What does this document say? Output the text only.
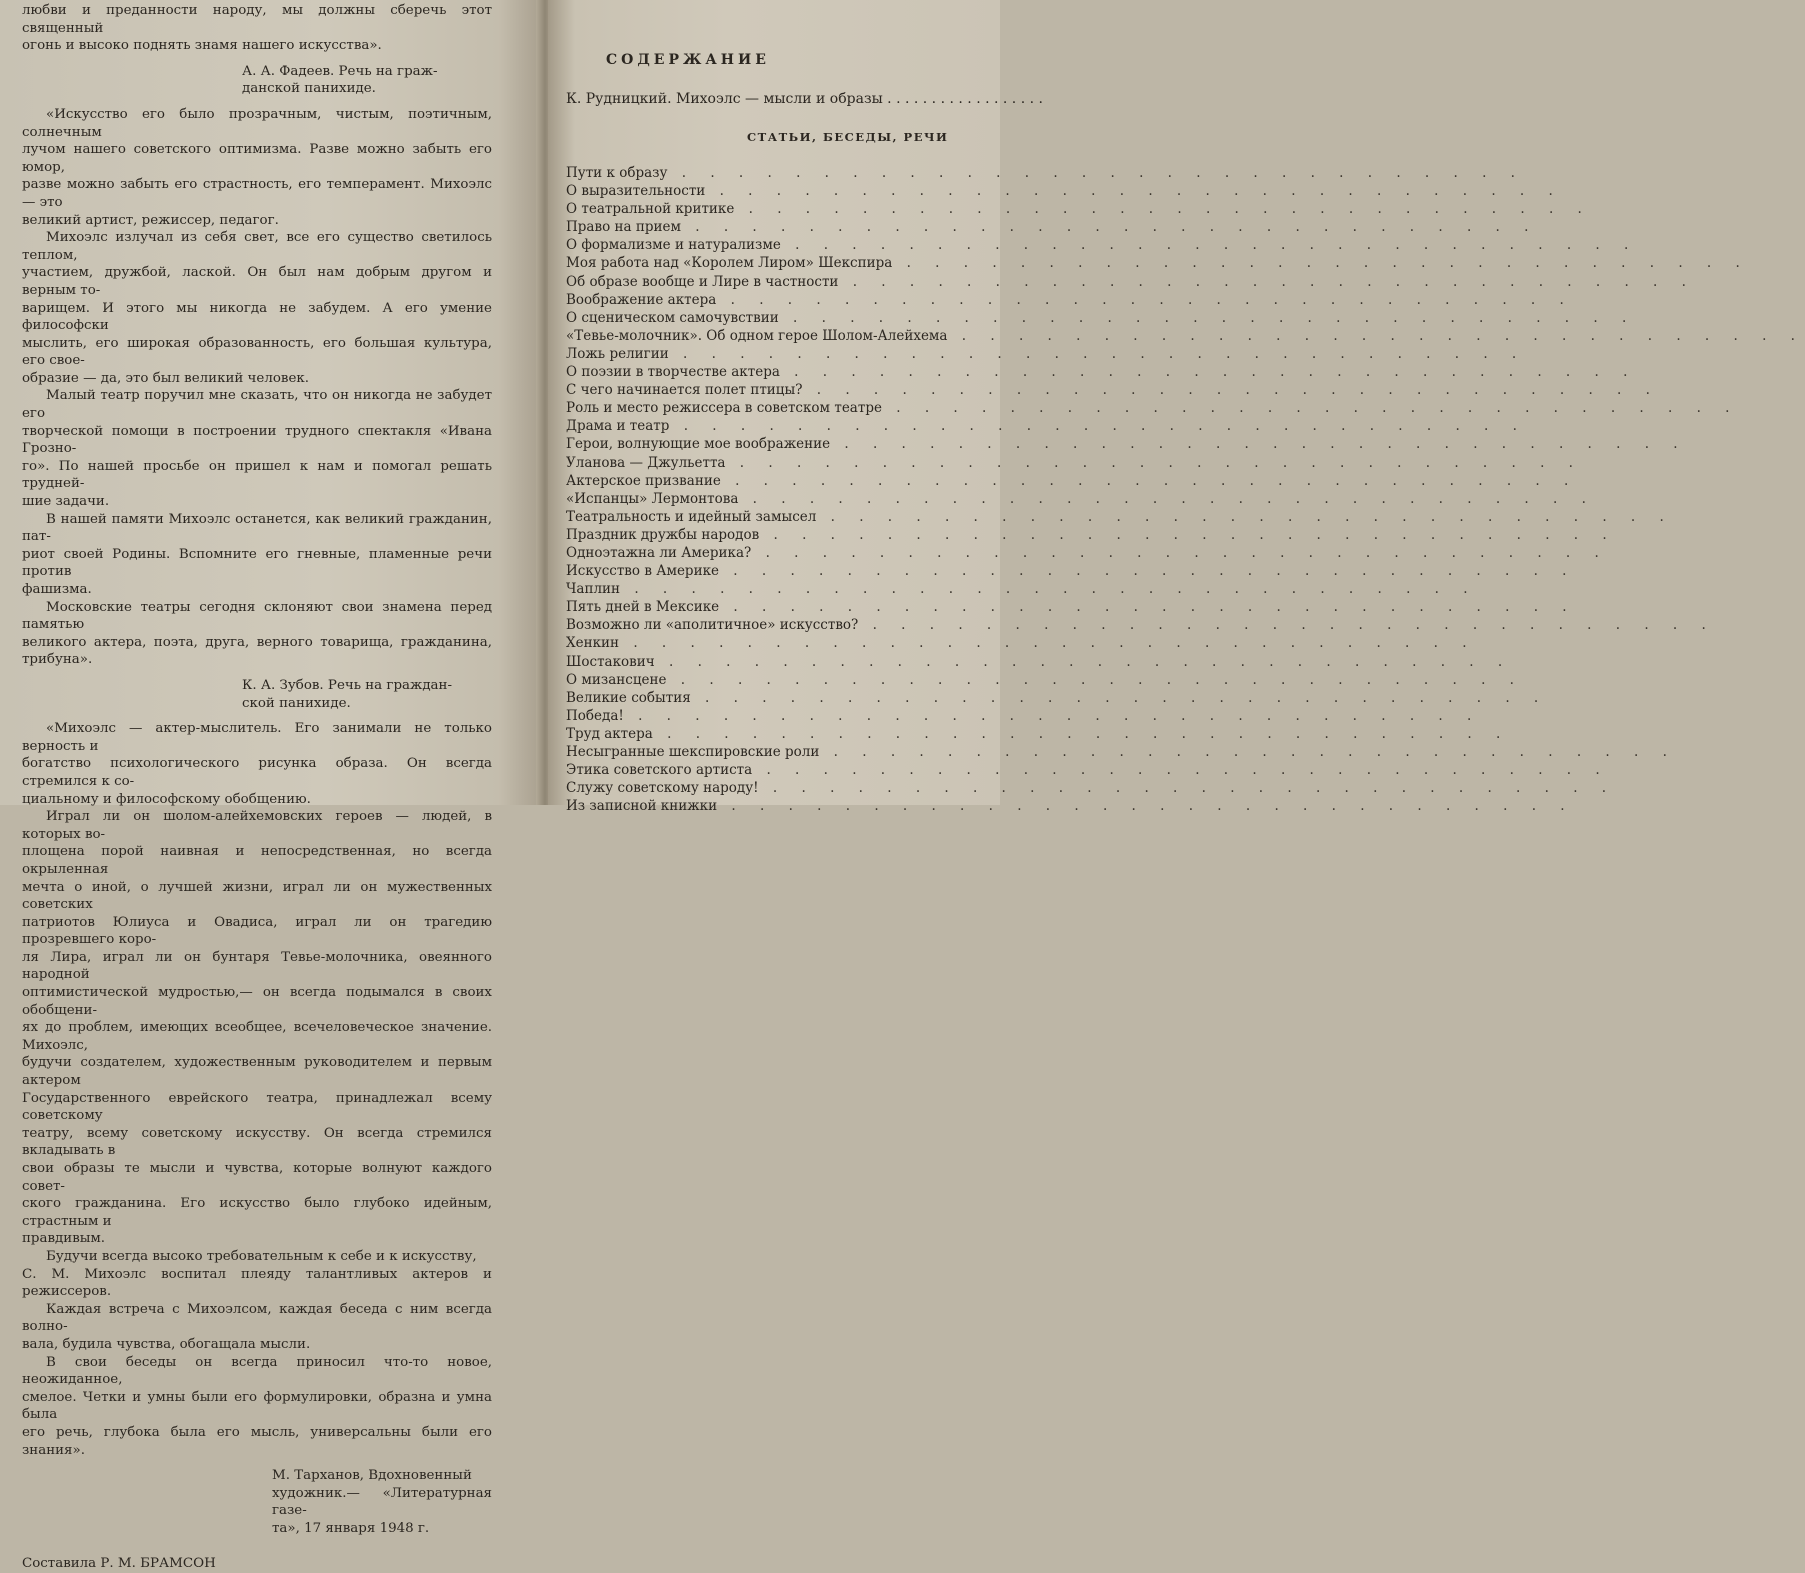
любви и преданности народу, мы должны сберечь этот священный

огонь и высоко поднять знамя нашего искусства».

А. А. Фадеев. Речь на граж-

данской панихиде.

«Искусство его было прозрачным, чистым, поэтичным, солнечным

лучом нашего советского оптимизма. Разве можно забыть его юмор,

разве можно забыть его страстность, его темперамент. Михоэлс — это

великий артист, режиссер, педагог.

Михоэлс излучал из себя свет, все его существо светилось теплом,

участием, дружбой, лаской. Он был нам добрым другом и верным то-

варищем. И этого мы никогда не забудем. А его умение философски

мыслить, его широкая образованность, его большая культура, его свое-

образие — да, это был великий человек.

Малый театр поручил мне сказать, что он никогда не забудет его

творческой помощи в построении трудного спектакля «Ивана Грозно-

го». По нашей просьбе он пришел к нам и помогал решать трудней-

шие задачи.

В нашей памяти Михоэлс останется, как великий гражданин, пат-

риот своей Родины. Вспомните его гневные, пламенные речи против

фашизма.

Московские театры сегодня склоняют свои знамена перед памятью

великого актера, поэта, друга, верного товарища, гражданина, трибуна».

К. А. Зубов. Речь на граждан-

ской панихиде.

«Михоэлс — актер-мыслитель. Его занимали не только верность и

богатство психологического рисунка образа. Он всегда стремился к со-

циальному и философскому обобщению.

Играл ли он шолом-алейхемовских героев — людей, в которых во-

площена порой наивная и непосредственная, но всегда окрыленная

мечта о иной, о лучшей жизни, играл ли он мужественных советских

патриотов Юлиуса и Овадиса, играл ли он трагедию прозревшего коро-

ля Лира, играл ли он бунтаря Тевье-молочника, овеянного народной

оптимистической мудростью,— он всегда подымался в своих обобщени-

ях до проблем, имеющих всеобщее, всечеловеческое значение. Михоэлс,

будучи создателем, художественным руководителем и первым актером

Государственного еврейского театра, принадлежал всему советскому

театру, всему советскому искусству. Он всегда стремился вкладывать в

свои образы те мысли и чувства, которые волнуют каждого совет-

ского гражданина. Его искусство было глубоко идейным, страстным и

правдивым.

Будучи всегда высоко требовательным к себе и к искусству,

С. М. Михоэлс воспитал плеяду талантливых актеров и режиссеров.

Каждая встреча с Михоэлсом, каждая беседа с ним всегда волно-

вала, будила чувства, обогащала мысли.

В свои беседы он всегда приносил что-то новое, неожиданное,

смелое. Четки и умны были его формулировки, образна и умна была

его речь, глубока была его мысль, универсальны были его знания».

М. Тарханов, Вдохновенный

художник.— «Литературная газе-

та», 17 января 1948 г.

Составила Р. М. БРАМСОН

СОДЕРЖАНИЕ
К. Рудницкий. Михоэлс — мысли и образы . . . . . . . . . . . . . . . . . .
СТАТЬИ, БЕСЕДЫ, РЕЧИ
Пути к образу . . . . . . . . . . . . . . . . . . . . . . . . . . . . . .
О выразительности . . . . . . . . . . . . . . . . . . . . . . . . . . . . . .
О театральной критике . . . . . . . . . . . . . . . . . . . . . . . . . . . . . .
Право на прием . . . . . . . . . . . . . . . . . . . . . . . . . . . . . .
О формализме и натурализме . . . . . . . . . . . . . . . . . . . . . . . . . . . . . .
Моя работа над «Королем Лиром» Шекспира . . . . . . . . . . . . . . . . . . . . . . . . . . . . . .
Об образе вообще и Лире в частности . . . . . . . . . . . . . . . . . . . . . . . . . . . . . .
Воображение актера . . . . . . . . . . . . . . . . . . . . . . . . . . . . . .
О сценическом самочувствии . . . . . . . . . . . . . . . . . . . . . . . . . . . . . .
«Тевье-молочник». Об одном герое Шолом-Алейхема . . . . . . . . . . . . . . . . . . . . . . . . . . . . . .
Ложь религии . . . . . . . . . . . . . . . . . . . . . . . . . . . . . .
О поэзии в творчестве актера . . . . . . . . . . . . . . . . . . . . . . . . . . . . . .
С чего начинается полет птицы? . . . . . . . . . . . . . . . . . . . . . . . . . . . . . .
Роль и место режиссера в советском театре . . . . . . . . . . . . . . . . . . . . . . . . . . . . . .
Драма и театр . . . . . . . . . . . . . . . . . . . . . . . . . . . . . .
Герои, волнующие мое воображение . . . . . . . . . . . . . . . . . . . . . . . . . . . . . .
Уланова — Джульетта . . . . . . . . . . . . . . . . . . . . . . . . . . . . . .
Актерское призвание . . . . . . . . . . . . . . . . . . . . . . . . . . . . . .
«Испанцы» Лермонтова . . . . . . . . . . . . . . . . . . . . . . . . . . . . . .
Театральность и идейный замысел . . . . . . . . . . . . . . . . . . . . . . . . . . . . . .
Праздник дружбы народов . . . . . . . . . . . . . . . . . . . . . . . . . . . . . .
Одноэтажна ли Америка? . . . . . . . . . . . . . . . . . . . . . . . . . . . . . .
Искусство в Америке . . . . . . . . . . . . . . . . . . . . . . . . . . . . . .
Чаплин . . . . . . . . . . . . . . . . . . . . . . . . . . . . . .
Пять дней в Мексике . . . . . . . . . . . . . . . . . . . . . . . . . . . . . .
Возможно ли «аполитичное» искусство? . . . . . . . . . . . . . . . . . . . . . . . . . . . . . .
Хенкин . . . . . . . . . . . . . . . . . . . . . . . . . . . . . .
Шостакович . . . . . . . . . . . . . . . . . . . . . . . . . . . . . .
О мизансцене . . . . . . . . . . . . . . . . . . . . . . . . . . . . . .
Великие события . . . . . . . . . . . . . . . . . . . . . . . . . . . . . .
Победа! . . . . . . . . . . . . . . . . . . . . . . . . . . . . . .
Труд актера . . . . . . . . . . . . . . . . . . . . . . . . . . . . . .
Несыгранные шекспировские роли . . . . . . . . . . . . . . . . . . . . . . . . . . . . . .
Этика советского артиста . . . . . . . . . . . . . . . . . . . . . . . . . . . . . .
Служу советскому народу! . . . . . . . . . . . . . . . . . . . . . . . . . . . . . .
Из записной книжки . . . . . . . . . . . . . . . . . . . . . . . . . . . . . .
